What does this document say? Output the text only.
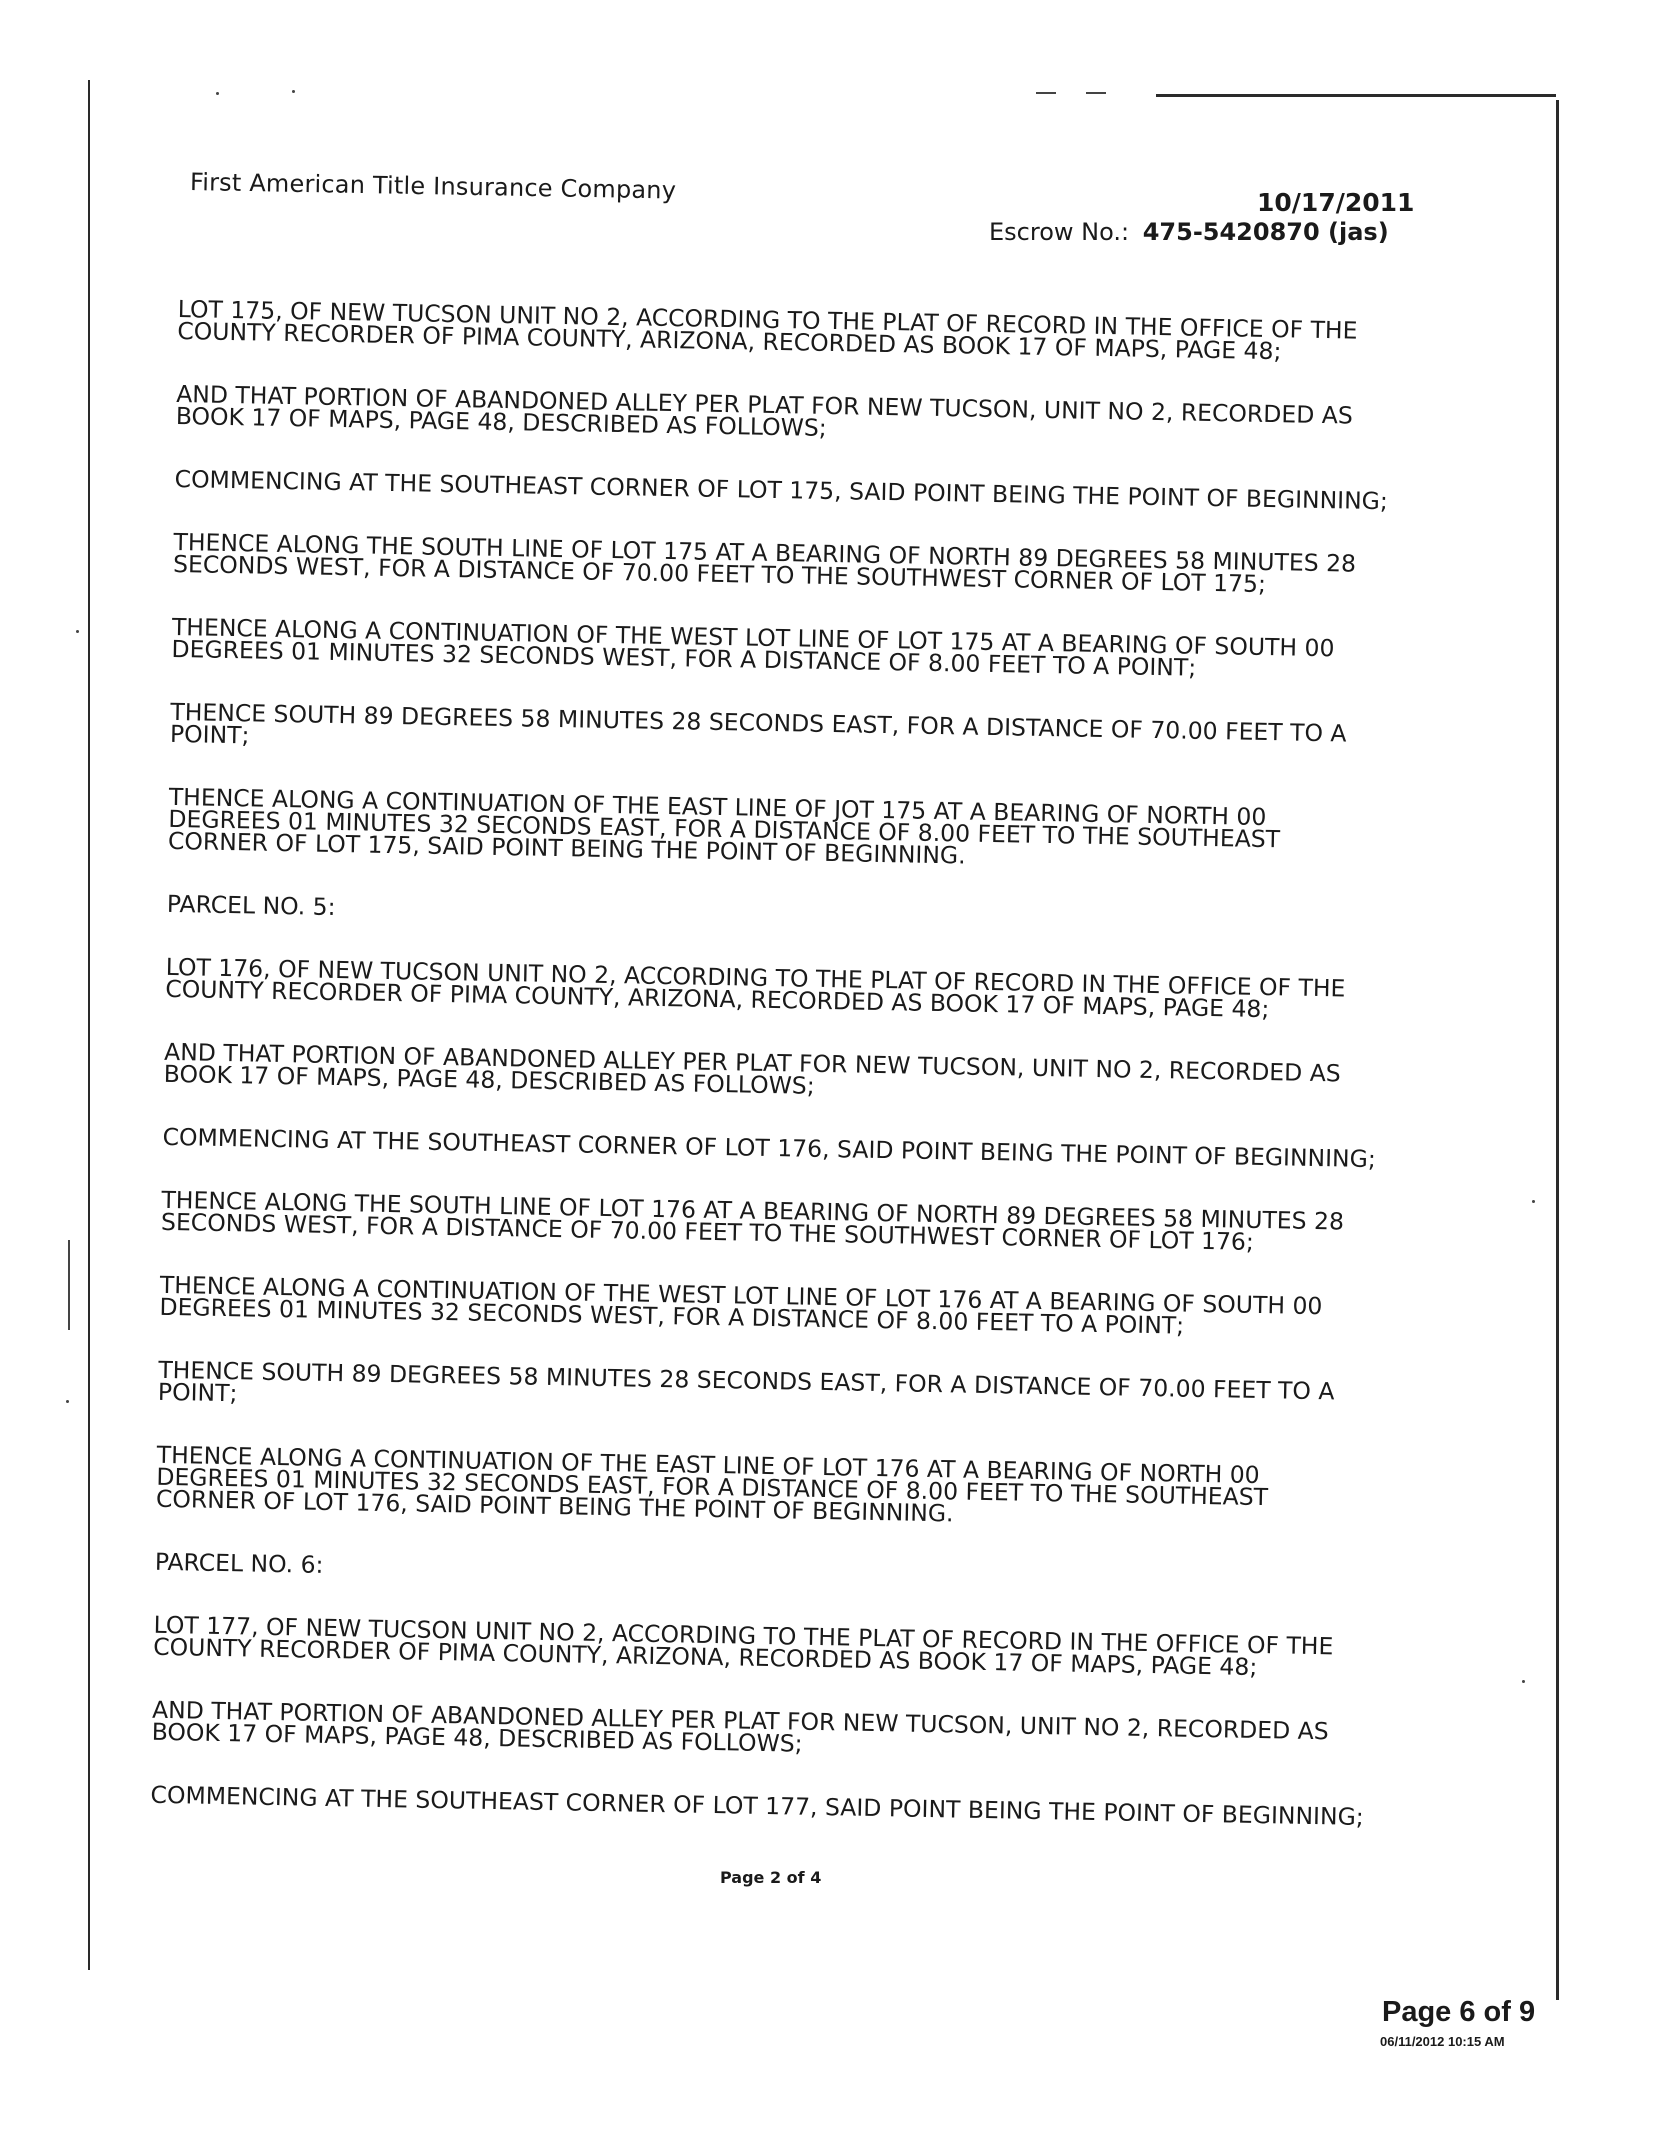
First American Title Insurance Company	10/17/2011
Escrow No.: 475-5420870 (jas)

LOT 175, OF NEW TUCSON UNIT NO 2, ACCORDING TO THE PLAT OF RECORD IN THE OFFICE OF THE COUNTY RECORDER OF PIMA COUNTY, ARIZONA, RECORDED AS BOOK 17 OF MAPS, PAGE 48;

AND THAT PORTION OF ABANDONED ALLEY PER PLAT FOR NEW TUCSON, UNIT NO 2, RECORDED AS BOOK 17 OF MAPS, PAGE 48, DESCRIBED AS FOLLOWS;

COMMENCING AT THE SOUTHEAST CORNER OF LOT 175, SAID POINT BEING THE POINT OF BEGINNING;

THENCE ALONG THE SOUTH LINE OF LOT 175 AT A BEARING OF NORTH 89 DEGREES 58 MINUTES 28 SECONDS WEST, FOR A DISTANCE OF 70.00 FEET TO THE SOUTHWEST CORNER OF LOT 175;

THENCE ALONG A CONTINUATION OF THE WEST LOT LINE OF LOT 175 AT A BEARING OF SOUTH 00 DEGREES 01 MINUTES 32 SECONDS WEST, FOR A DISTANCE OF 8.00 FEET TO A POINT;

THENCE SOUTH 89 DEGREES 58 MINUTES 28 SECONDS EAST, FOR A DISTANCE OF 70.00 FEET TO A POINT;

THENCE ALONG A CONTINUATION OF THE EAST LINE OF JOT 175 AT A BEARING OF NORTH 00 DEGREES 01 MINUTES 32 SECONDS EAST, FOR A DISTANCE OF 8.00 FEET TO THE SOUTHEAST CORNER OF LOT 175, SAID POINT BEING THE POINT OF BEGINNING.

PARCEL NO. 5:

LOT 176, OF NEW TUCSON UNIT NO 2, ACCORDING TO THE PLAT OF RECORD IN THE OFFICE OF THE COUNTY RECORDER OF PIMA COUNTY, ARIZONA, RECORDED AS BOOK 17 OF MAPS, PAGE 48;

AND THAT PORTION OF ABANDONED ALLEY PER PLAT FOR NEW TUCSON, UNIT NO 2, RECORDED AS BOOK 17 OF MAPS, PAGE 48, DESCRIBED AS FOLLOWS;

COMMENCING AT THE SOUTHEAST CORNER OF LOT 176, SAID POINT BEING THE POINT OF BEGINNING;

THENCE ALONG THE SOUTH LINE OF LOT 176 AT A BEARING OF NORTH 89 DEGREES 58 MINUTES 28 SECONDS WEST, FOR A DISTANCE OF 70.00 FEET TO THE SOUTHWEST CORNER OF LOT 176;

THENCE ALONG A CONTINUATION OF THE WEST LOT LINE OF LOT 176 AT A BEARING OF SOUTH 00 DEGREES 01 MINUTES 32 SECONDS WEST, FOR A DISTANCE OF 8.00 FEET TO A POINT;

THENCE SOUTH 89 DEGREES 58 MINUTES 28 SECONDS EAST, FOR A DISTANCE OF 70.00 FEET TO A POINT;

THENCE ALONG A CONTINUATION OF THE EAST LINE OF LOT 176 AT A BEARING OF NORTH 00 DEGREES 01 MINUTES 32 SECONDS EAST, FOR A DISTANCE OF 8.00 FEET TO THE SOUTHEAST CORNER OF LOT 176, SAID POINT BEING THE POINT OF BEGINNING.

PARCEL NO. 6:

LOT 177, OF NEW TUCSON UNIT NO 2, ACCORDING TO THE PLAT OF RECORD IN THE OFFICE OF THE COUNTY RECORDER OF PIMA COUNTY, ARIZONA, RECORDED AS BOOK 17 OF MAPS, PAGE 48;

AND THAT PORTION OF ABANDONED ALLEY PER PLAT FOR NEW TUCSON, UNIT NO 2, RECORDED AS BOOK 17 OF MAPS, PAGE 48, DESCRIBED AS FOLLOWS;

COMMENCING AT THE SOUTHEAST CORNER OF LOT 177, SAID POINT BEING THE POINT OF BEGINNING;

Page 2 of 4
Page 6 of 9
06/11/2012 10:15 AM
